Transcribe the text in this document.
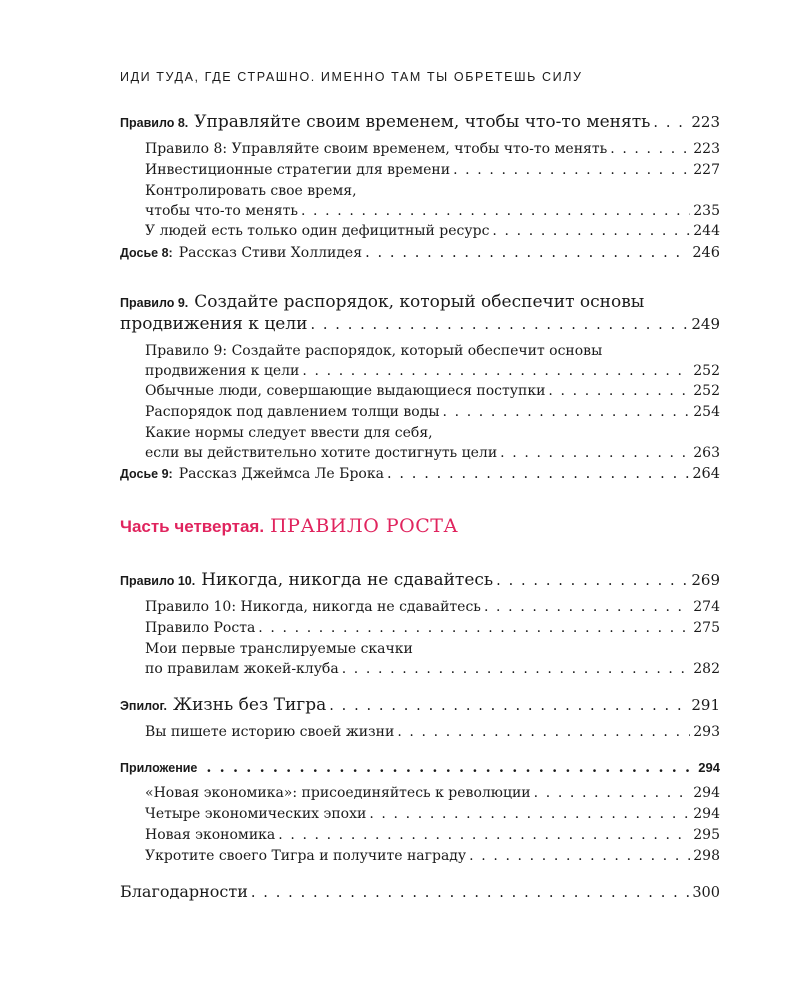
ИДИ ТУДА, ГДЕ СТРАШНО. ИМЕННО ТАМ ТЫ ОБРЕТЕШЬ СИЛУ
Правило 8. Управляйте своим временем, чтобы что-то менять . . .	223
Правило 8: Управляйте своим временем, чтобы что-то менять . . .	223
Инвестиционные стратегии для времени . . .	227
Контролировать свое время,
чтобы что-то менять . . .	235
У людей есть только один дефицитный ресурс . . .	244
Досье 8: Рассказ Стиви Холлидея . . .	246
Правило 9. Создайте распорядок, который обеспечит основы
продвижения к цели . . .	249
Правило 9: Создайте распорядок, который обеспечит основы
продвижения к цели . . .	252
Обычные люди, совершающие выдающиеся поступки . . .	252
Распорядок под давлением толщи воды . . .	254
Какие нормы следует ввести для себя,
если вы действительно хотите достигнуть цели . . .	263
Досье 9: Рассказ Джеймса Ле Брока . . .	264
Часть четвертая. ПРАВИЛО РОСТА
Правило 10. Никогда, никогда не сдавайтесь . . .	269
Правило 10: Никогда, никогда не сдавайтесь . . .	274
Правило Роста . . .	275
Мои первые транслируемые скачки
по правилам жокей-клуба . . .	282
Эпилог. Жизнь без Тигра . . .	291
Вы пишете историю своей жизни . . .	293
Приложение . . .	294
«Новая экономика»: присоединяйтесь к революции . . .	294
Четыре экономических эпохи . . .	294
Новая экономика . . .	295
Укротите своего Тигра и получите награду . . .	298
Благодарности . . .	300
